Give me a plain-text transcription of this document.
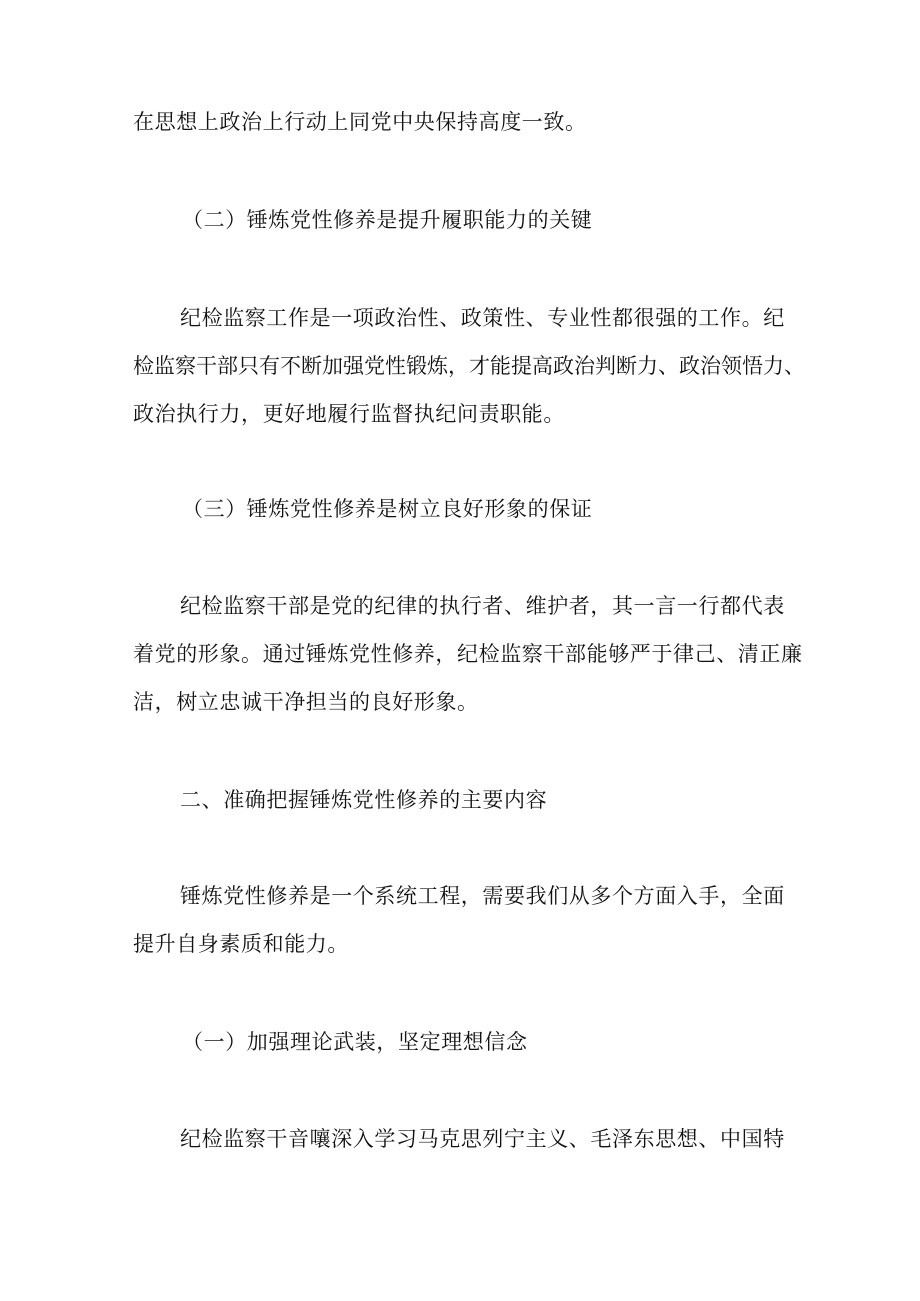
在思想上政治上行动上同党中央保持高度一致。

（二）锤炼党性修养是提升履职能力的关键

纪检监察工作是一项政治性、政策性、专业性都很强的工作。纪

检监察干部只有不断加强党性锻炼，才能提高政治判断力、政治领悟力、

政治执行力，更好地履行监督执纪问责职能。

（三）锤炼党性修养是树立良好形象的保证

纪检监察干部是党的纪律的执行者、维护者，其一言一行都代表

着党的形象。通过锤炼党性修养，纪检监察干部能够严于律己、清正廉

洁，树立忠诚干净担当的良好形象。

二、准确把握锤炼党性修养的主要内容

锤炼党性修养是一个系统工程，需要我们从多个方面入手，全面

提升自身素质和能力。

（一）加强理论武装，坚定理想信念

纪检监察干音嚷深入学习马克思列宁主义、毛泽东思想、中国特
